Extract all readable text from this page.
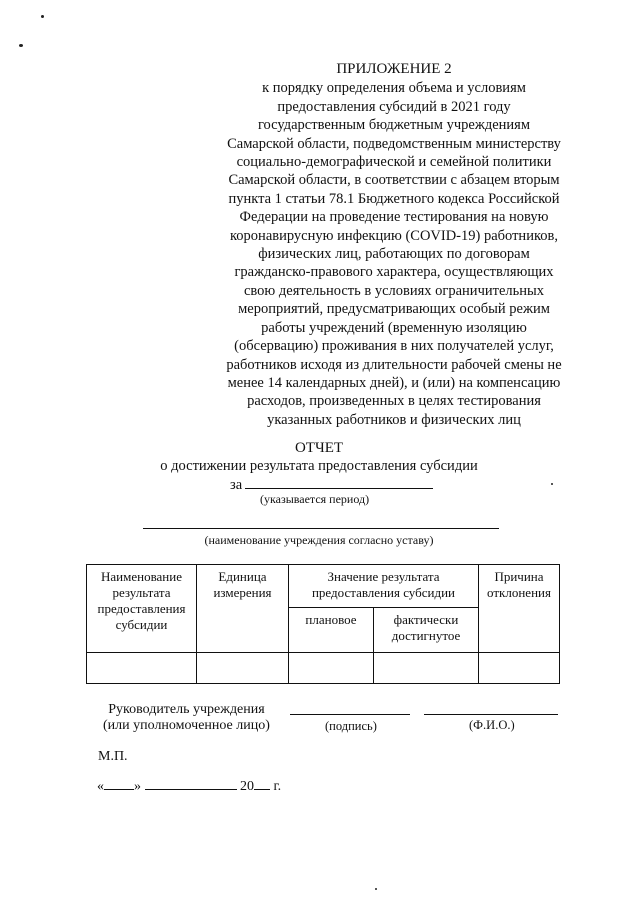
ПРИЛОЖЕНИЕ 2
к порядку определения объема и условиям
предоставления субсидий в 2021 году
государственным бюджетным учреждениям
Самарской области, подведомственным министерству
социально-демографической и семейной политики
Самарской области, в соответствии с абзацем вторым
пункта 1 статьи 78.1 Бюджетного кодекса Российской
Федерации на проведение тестирования на новую
коронавирусную инфекцию (COVID-19) работников,
физических лиц, работающих по договорам
гражданско-правового характера, осуществляющих
свою деятельность в условиях ограничительных
мероприятий, предусматривающих особый режим
работы учреждений (временную изоляцию
(обсервацию) проживания в них получателей услуг,
работников исходя из длительности рабочей смены не
менее 14 календарных дней), и (или) на компенсацию
расходов, произведенных в целях тестирования
указанных работников и физических лиц
ОТЧЕТ
о достижении результата предоставления субсидии
за
(указывается период)
(наименование учреждения согласно уставу)
Наименование результата предоставления субсидии	Единица измерения	Значение результата предоставления субсидии		Причина отклонения
		плановое	фактически достигнутое	

Руководитель учреждения
(или уполномоченное лицо)	(подпись)	(Ф.И.О.)
М.П.
« »	20 г.
